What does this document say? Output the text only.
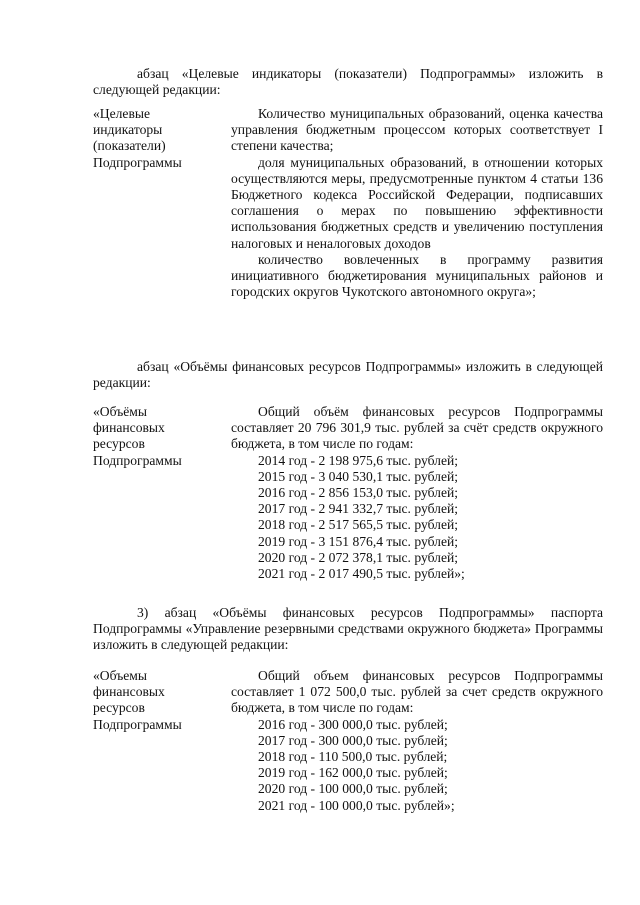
абзац «Целевые индикаторы (показатели) Подпрограммы» изложить в следующей редакции:
«Целевые
индикаторы
(показатели)
Подпрограммы
Количество муниципальных образований, оценка качества управления бюджетным процессом которых соответствует I степени качества;
доля муниципальных образований, в отношении которых осуществляются меры, предусмотренные пунктом 4 статьи 136 Бюджетного кодекса Российской Федерации, подписавших соглашения о мерах по повышению эффективности использования бюджетных средств и увеличению поступления налоговых и неналоговых доходов
количество вовлеченных в программу развития инициативного бюджетирования муниципальных районов и городских округов Чукотского автономного округа»;
абзац «Объёмы финансовых ресурсов Подпрограммы» изложить в следующей редакции:
«Объёмы
финансовых
ресурсов
Подпрограммы
Общий объём финансовых ресурсов Подпрограммы составляет 20 796 301,9 тыс. рублей за счёт средств окружного бюджета, в том числе по годам:
2014 год - 2 198 975,6 тыс. рублей;
2015 год - 3 040 530,1 тыс. рублей;
2016 год - 2 856 153,0 тыс. рублей;
2017 год - 2 941 332,7 тыс. рублей;
2018 год - 2 517 565,5 тыс. рублей;
2019 год - 3 151 876,4 тыс. рублей;
2020 год - 2 072 378,1 тыс. рублей;
2021 год - 2 017 490,5 тыс. рублей»;
3) абзац «Объёмы финансовых ресурсов Подпрограммы» паспорта Подпрограммы «Управление резервными средствами окружного бюджета» Программы изложить в следующей редакции:
«Объемы
финансовых
ресурсов
Подпрограммы
Общий объем финансовых ресурсов Подпрограммы составляет 1 072 500,0 тыс. рублей за счет средств окружного бюджета, в том числе по годам:
2016 год - 300 000,0 тыс. рублей;
2017 год - 300 000,0 тыс. рублей;
2018 год - 110 500,0 тыс. рублей;
2019 год - 162 000,0 тыс. рублей;
2020 год - 100 000,0 тыс. рублей;
2021 год - 100 000,0 тыс. рублей»;
